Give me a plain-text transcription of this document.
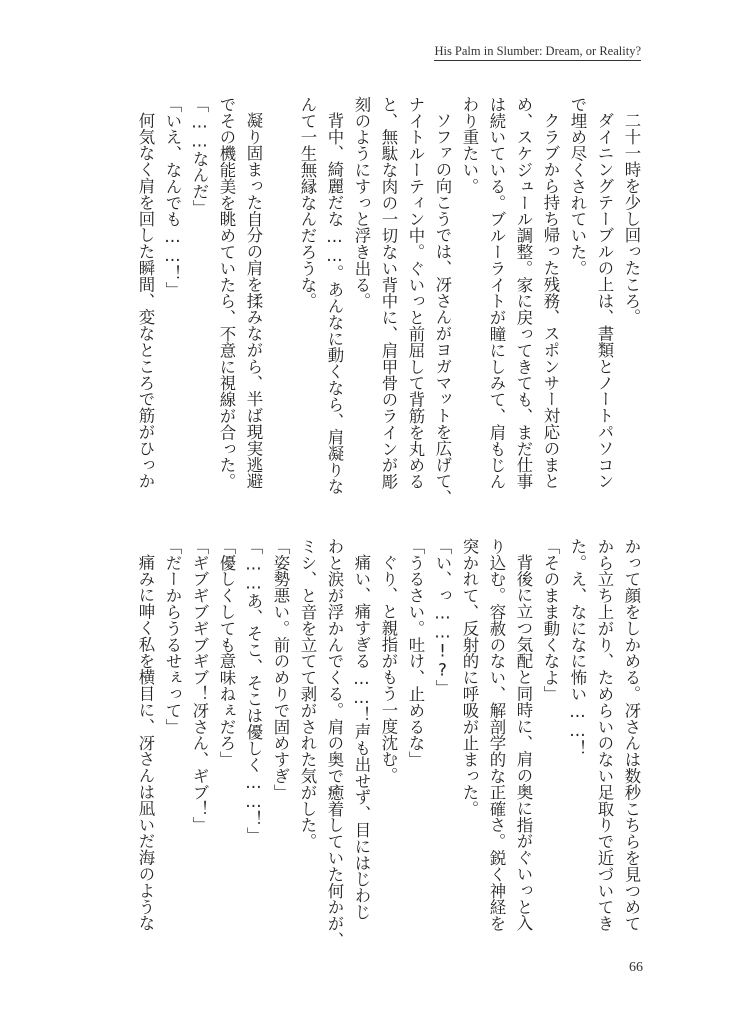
His Palm in Slumber: Dream, or Reality?
二十一時を少し回ったころ。
ダイニングテーブルの上は、書類とノートパソコン
で埋め尽くされていた。
クラブから持ち帰った残務、スポンサー対応のまと
め、スケジュール調整。家に戻ってきても、まだ仕事
は続いている。ブルーライトが瞳にしみて、肩もじん
わり重たい。
ソファの向こうでは、冴さんがヨガマットを広げて、
ナイトルーティン中。ぐいっと前屈して背筋を丸める
と、無駄な肉の一切ない背中に、肩甲骨のラインが彫
刻のようにすっと浮き出る。
背中、綺麗だな……。あんなに動くなら、肩凝りな
んて一生無縁なんだろうな。
凝り固まった自分の肩を揉みながら、半ば現実逃避
でその機能美を眺めていたら、不意に視線が合った。
「……なんだ」
「いえ、なんでも……！」
何気なく肩を回した瞬間、変なところで筋がひっか
かって顔をしかめる。冴さんは数秒こちらを見つめて
から立ち上がり、ためらいのない足取りで近づいてき
た。え、なになに怖い……！
「そのまま動くなよ」
背後に立つ気配と同時に、肩の奥に指がぐいっと入
り込む。容赦のない、解剖学的な正確さ。鋭く神経を
突かれて、反射的に呼吸が止まった。
「い、っ……!?」
「うるさい。吐け、止めるな」
ぐり、と親指がもう一度沈む。
痛い、痛すぎる……！声も出せず、目にはじわじ
わと涙が浮かんでくる。肩の奥で癒着していた何かが、
ミシ、と音を立てて剥がされた気がした。
「姿勢悪い。前のめりで固めすぎ」
「……あ、そこ、そこは優しく……！」
「優しくしても意味ねぇだろ」
「ギブギブギブギブ！冴さん、ギブ！」
「だーからうるせぇって」
痛みに呻く私を横目に、冴さんは凪いだ海のような
66
